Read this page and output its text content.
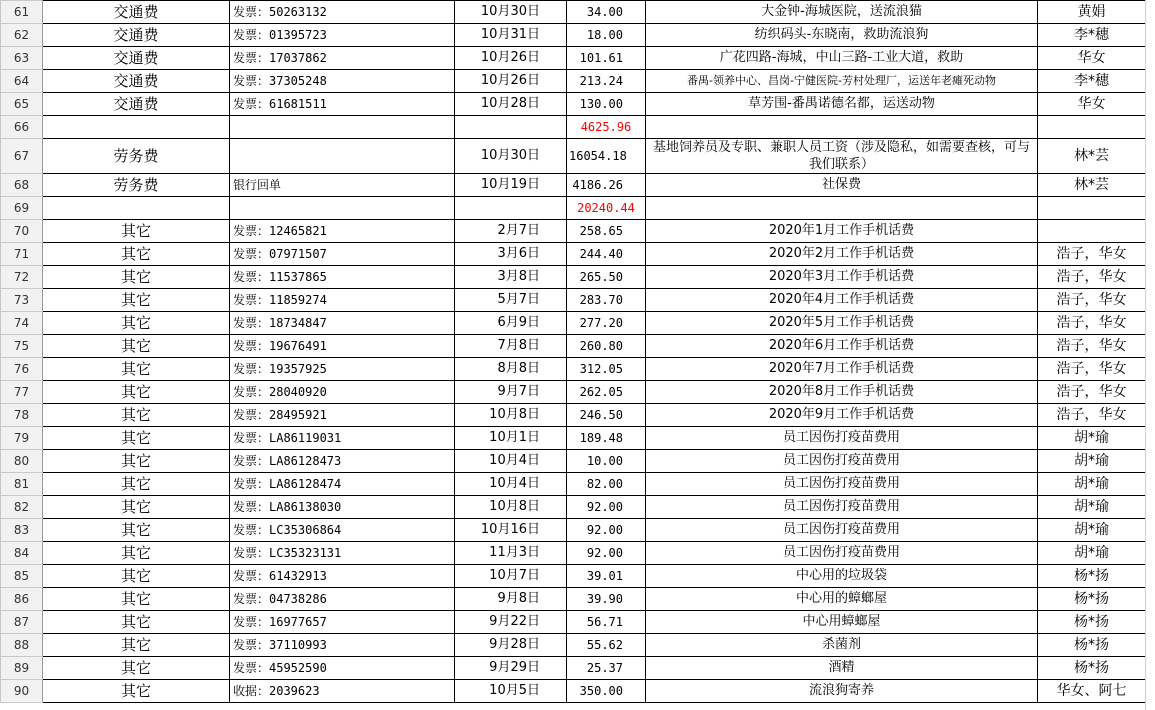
61	交通费	发票：50263132	10月30日	34.00	大金钟-海城医院，送流浪猫	黄娟
62	交通费	发票：01395723	10月31日	18.00	纺织码头-东晓南，救助流浪狗	李*穗
63	交通费	发票：17037862	10月26日	101.61	广花四路-海城，中山三路-工业大道，救助	华女
64	交通费	发票：37305248	10月26日	213.24	番禺-领养中心、昌岗-宁健医院-芳村处理厂，运送年老瘫死动物	李*穗
65	交通费	发票：61681511	10月28日	130.00	草芳围-番禺诺德名都，运送动物	华女
66				4625.96		
67	劳务费		10月30日	16054.18	基地饲养员及专职、兼职人员工资（涉及隐私，如需要查核，可与我们联系）	林*芸
68	劳务费	银行回单	10月19日	4186.26	社保费	林*芸
69				20240.44		
70	其它	发票：12465821	2月7日	258.65	2020年1月工作手机话费	
71	其它	发票：07971507	3月6日	244.40	2020年2月工作手机话费	浩子，华女
72	其它	发票：11537865	3月8日	265.50	2020年3月工作手机话费	浩子，华女
73	其它	发票：11859274	5月7日	283.70	2020年4月工作手机话费	浩子，华女
74	其它	发票：18734847	6月9日	277.20	2020年5月工作手机话费	浩子，华女
75	其它	发票：19676491	7月8日	260.80	2020年6月工作手机话费	浩子，华女
76	其它	发票：19357925	8月8日	312.05	2020年7月工作手机话费	浩子，华女
77	其它	发票：28040920	9月7日	262.05	2020年8月工作手机话费	浩子，华女
78	其它	发票：28495921	10月8日	246.50	2020年9月工作手机话费	浩子，华女
79	其它	发票：LA86119031	10月1日	189.48	员工因伤打疫苗费用	胡*瑜
80	其它	发票：LA86128473	10月4日	10.00	员工因伤打疫苗费用	胡*瑜
81	其它	发票：LA86128474	10月4日	82.00	员工因伤打疫苗费用	胡*瑜
82	其它	发票：LA86138030	10月8日	92.00	员工因伤打疫苗费用	胡*瑜
83	其它	发票：LC35306864	10月16日	92.00	员工因伤打疫苗费用	胡*瑜
84	其它	发票：LC35323131	11月3日	92.00	员工因伤打疫苗费用	胡*瑜
85	其它	发票：61432913	10月7日	39.01	中心用的垃圾袋	杨*扬
86	其它	发票：04738286	9月8日	39.90	中心用的蟑螂屋	杨*扬
87	其它	发票：16977657	9月22日	56.71	中心用蟑螂屋	杨*扬
88	其它	发票：37110993	9月28日	55.62	杀菌剂	杨*扬
89	其它	发票：45952590	9月29日	25.37	酒精	杨*扬
90	其它	收据：2039623	10月5日	350.00	流浪狗寄养	华女、阿七
